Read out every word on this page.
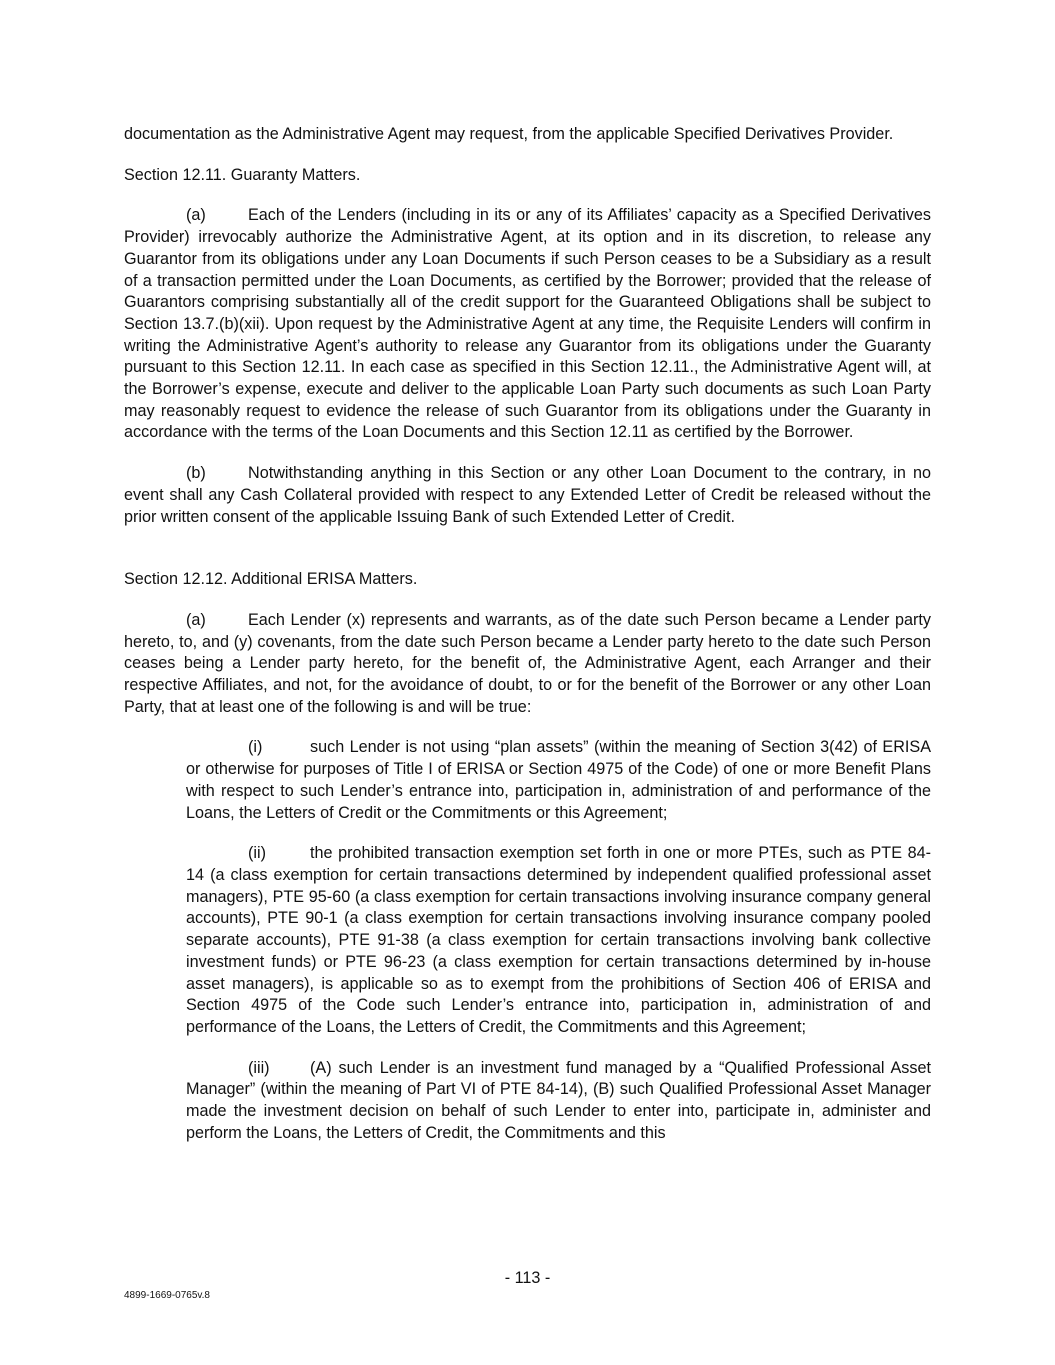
documentation as the Administrative Agent may request, from the applicable Specified Derivatives Provider.

Section 12.11. Guaranty Matters.

(a)	Each of the Lenders (including in its or any of its Affiliates’ capacity as a Specified Derivatives Provider) irrevocably authorize the Administrative Agent, at its option and in its discretion, to release any Guarantor from its obligations under any Loan Documents if such Person ceases to be a Subsidiary as a result of a transaction permitted under the Loan Documents, as certified by the Borrower; provided that the release of Guarantors comprising substantially all of the credit support for the Guaranteed Obligations shall be subject to Section 13.7.(b)(xii). Upon request by the Administrative Agent at any time, the Requisite Lenders will confirm in writing the Administrative Agent’s authority to release any Guarantor from its obligations under the Guaranty pursuant to this Section 12.11. In each case as specified in this Section 12.11., the Administrative Agent will, at the Borrower’s expense, execute and deliver to the applicable Loan Party such documents as such Loan Party may reasonably request to evidence the release of such Guarantor from its obligations under the Guaranty in accordance with the terms of the Loan Documents and this Section 12.11 as certified by the Borrower.

(b)	Notwithstanding anything in this Section or any other Loan Document to the contrary, in no event shall any Cash Collateral provided with respect to any Extended Letter of Credit be released without the prior written consent of the applicable Issuing Bank of such Extended Letter of Credit.

Section 12.12. Additional ERISA Matters.

(a)	Each Lender (x) represents and warrants, as of the date such Person became a Lender party hereto, to, and (y) covenants, from the date such Person became a Lender party hereto to the date such Person ceases being a Lender party hereto, for the benefit of, the Administrative Agent, each Arranger and their respective Affiliates, and not, for the avoidance of doubt, to or for the benefit of the Borrower or any other Loan Party, that at least one of the following is and will be true:

(i)	such Lender is not using “plan assets” (within the meaning of Section 3(42) of ERISA or otherwise for purposes of Title I of ERISA or Section 4975 of the Code) of one or more Benefit Plans with respect to such Lender’s entrance into, participation in, administration of and performance of the Loans, the Letters of Credit or the Commitments or this Agreement;

(ii)	the prohibited transaction exemption set forth in one or more PTEs, such as PTE 84-14 (a class exemption for certain transactions determined by independent qualified professional asset managers), PTE 95-60 (a class exemption for certain transactions involving insurance company general accounts), PTE 90-1 (a class exemption for certain transactions involving insurance company pooled separate accounts), PTE 91-38 (a class exemption for certain transactions involving bank collective investment funds) or PTE 96-23 (a class exemption for certain transactions determined by in-house asset managers), is applicable so as to exempt from the prohibitions of Section 406 of ERISA and Section 4975 of the Code such Lender’s entrance into, participation in, administration of and performance of the Loans, the Letters of Credit, the Commitments and this Agreement;

(iii) (A) such Lender is an investment fund managed by a “Qualified Professional Asset Manager” (within the meaning of Part VI of PTE 84-14), (B) such Qualified Professional Asset Manager made the investment decision on behalf of such Lender to enter into, participate in, administer and perform the Loans, the Letters of Credit, the Commitments and this

- 113 -
4899-1669-0765v.8
